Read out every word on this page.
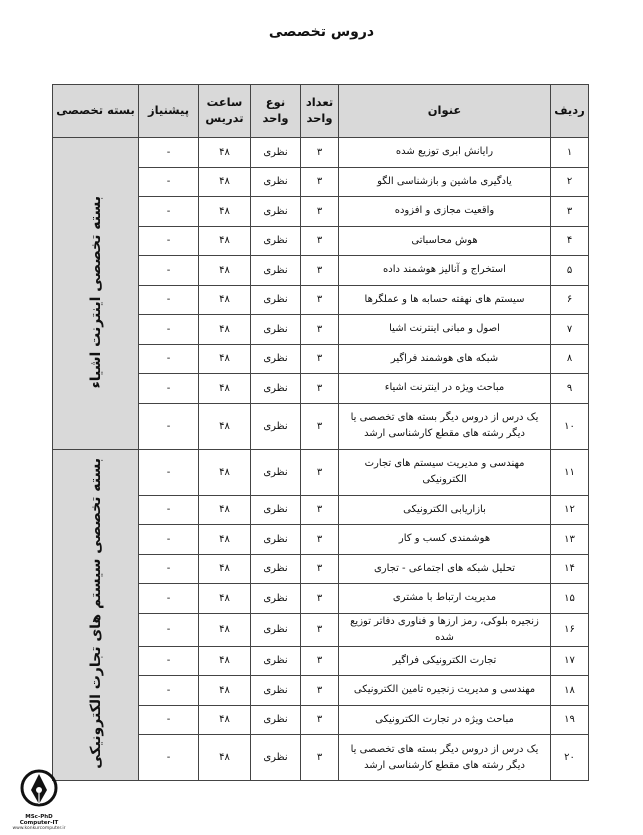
دروس تخصصی
ردیف	عنوان	تعداد واحد	نوع واحد	ساعت تدریس	پیشنیاز	بسته تخصصی
۱	رایانش ابری توزیع شده	۳	نظری	۴۸	-	بسته تخصصی اینترنت اشیاء
۲	یادگیری ماشین و بازشناسی الگو	۳	نظری	۴۸	-	
۳	واقعیت مجازی و افزوده	۳	نظری	۴۸	-	
۴	هوش محاسباتی	۳	نظری	۴۸	-	
۵	استخراج و آنالیز هوشمند داده	۳	نظری	۴۸	-	
۶	سیستم های نهفته حسابه ها و عملگرها	۳	نظری	۴۸	-	
۷	اصول و مبانی اینترنت اشیا	۳	نظری	۴۸	-	
۸	شبکه های هوشمند فراگیر	۳	نظری	۴۸	-	
۹	مباحث ویژه در اینترنت اشیاء	۳	نظری	۴۸	-	
۱۰	یک درس از دروس دیگر بسته های تخصصی یا دیگر رشته های مقطع کارشناسی ارشد	۳	نظری	۴۸	-	
۱۱	مهندسی و مدیریت سیستم های تجارت الکترونیکی	۳	نظری	۴۸	-	بسته تخصصی سیستم های تجارت الکترونیکی
۱۲	بازاریابی الکترونیکی	۳	نظری	۴۸	-	
۱۳	هوشمندی کسب و کار	۳	نظری	۴۸	-	
۱۴	تحلیل شبکه های اجتماعی - تجاری	۳	نظری	۴۸	-	
۱۵	مدیریت ارتباط با مشتری	۳	نظری	۴۸	-	
۱۶	زنجیره بلوکی، رمز ارزها و فناوری دفاتر توزیع شده	۳	نظری	۴۸	-	
۱۷	تجارت الکترونیکی فراگیر	۳	نظری	۴۸	-	
۱۸	مهندسی و مدیریت زنجیره تامین الکترونیکی	۳	نظری	۴۸	-	
۱۹	مباحث ویژه در تجارت الکترونیکی	۳	نظری	۴۸	-	
۲۰	یک درس از دروس دیگر بسته های تخصصی یا دیگر رشته های مقطع کارشناسی ارشد	۳	نظری	۴۸	-	
MSc-PhD Computer-IT
www.konkurcomputer.ir
